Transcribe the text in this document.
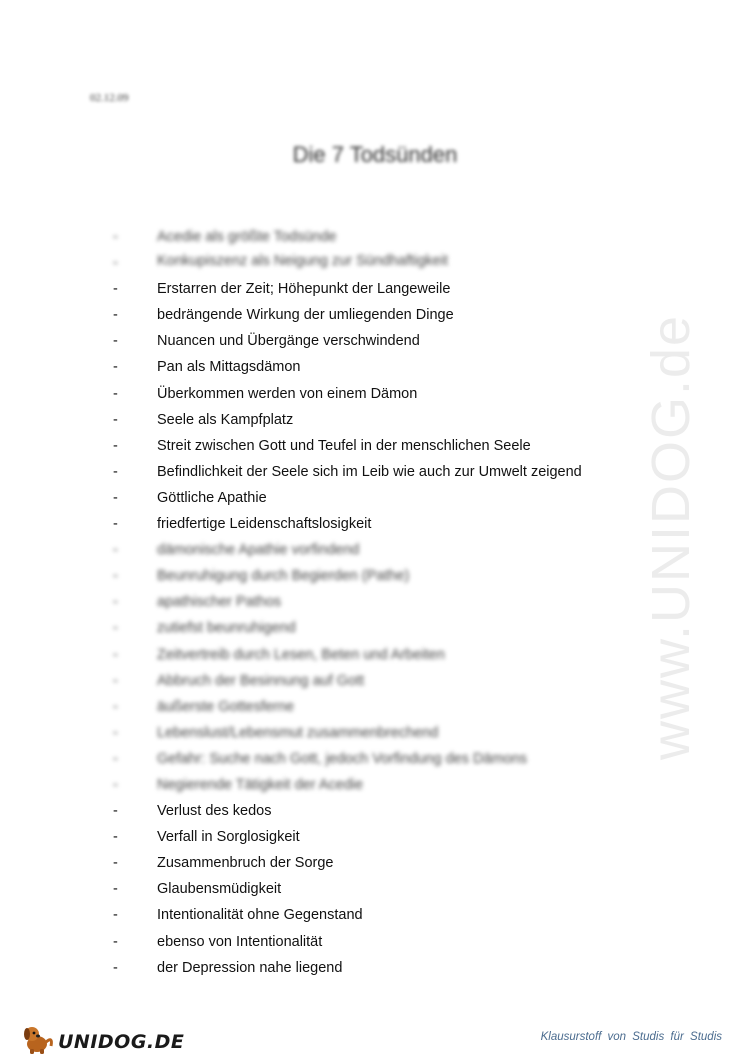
02.12.09
Die 7 Todsünden
www.UNIDOG.de
-	Acedie als größte Todsünde
-	Konkupiszenz als Neigung zur Sündhaftigkeit
-	Erstarren der Zeit; Höhepunkt der Langeweile
-	bedrängende Wirkung der umliegenden Dinge
-	Nuancen und Übergänge verschwindend
-	Pan als Mittagsdämon
-	Überkommen werden von einem Dämon
-	Seele als Kampfplatz
-	Streit zwischen Gott und Teufel in der menschlichen Seele
-	Befindlichkeit der Seele sich im Leib wie auch zur Umwelt zeigend
-	Göttliche Apathie
-	friedfertige Leidenschaftslosigkeit
-	dämonische Apathie vorfindend
-	Beunruhigung durch Begierden (Pathe)
-	apathischer Pathos
-	zutiefst beunruhigend
-	Zeitvertreib durch Lesen, Beten und Arbeiten
-	Abbruch der Besinnung auf Gott
-	äußerste Gottesferne
-	Lebenslust/Lebensmut zusammenbrechend
-	Gefahr: Suche nach Gott, jedoch Vorfindung des Dämons
-	Negierende Tätigkeit der Acedie
-	Verlust des kedos
-	Verfall in Sorglosigkeit
-	Zusammenbruch der Sorge
-	Glaubensmüdigkeit
-	Intentionalität ohne Gegenstand
-	ebenso von Intentionalität
-	der Depression nahe liegend
UNIDOG.DE	Klausurstoff von Studis für Studis
